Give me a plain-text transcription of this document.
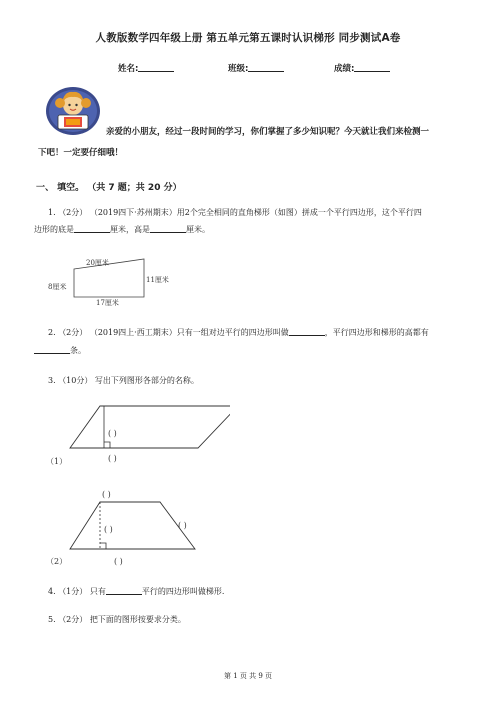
人教版数学四年级上册 第五单元第五课时认识梯形 同步测试A卷
姓名:	班级:	成绩:
亲爱的小朋友，经过一段时间的学习，你们掌握了多少知识呢？今天就让我们来检测一
下吧！一定要仔细哦！
一、 填空。 （共 7 题；共 20 分）
1. （2分） （2019四下·苏州期末）用2个完全相同的直角梯形（如图）拼成一个平行四边形，这个平行四
边形的底是	厘米，高是	厘米。
20厘米
11厘米
8厘米
17厘米
2. （2分） （2019四上·西工期末）只有一组对边平行的四边形叫做	，平行四边形和梯形的高都有
条。
3. （10分） 写出下列图形各部分的名称。
( )
( )
（1）
( )
( )	( )
( )
（2）
4. （1分） 只有	平行的四边形叫做梯形.
5. （2分） 把下面的图形按要求分类。
第 1 页 共 9 页
